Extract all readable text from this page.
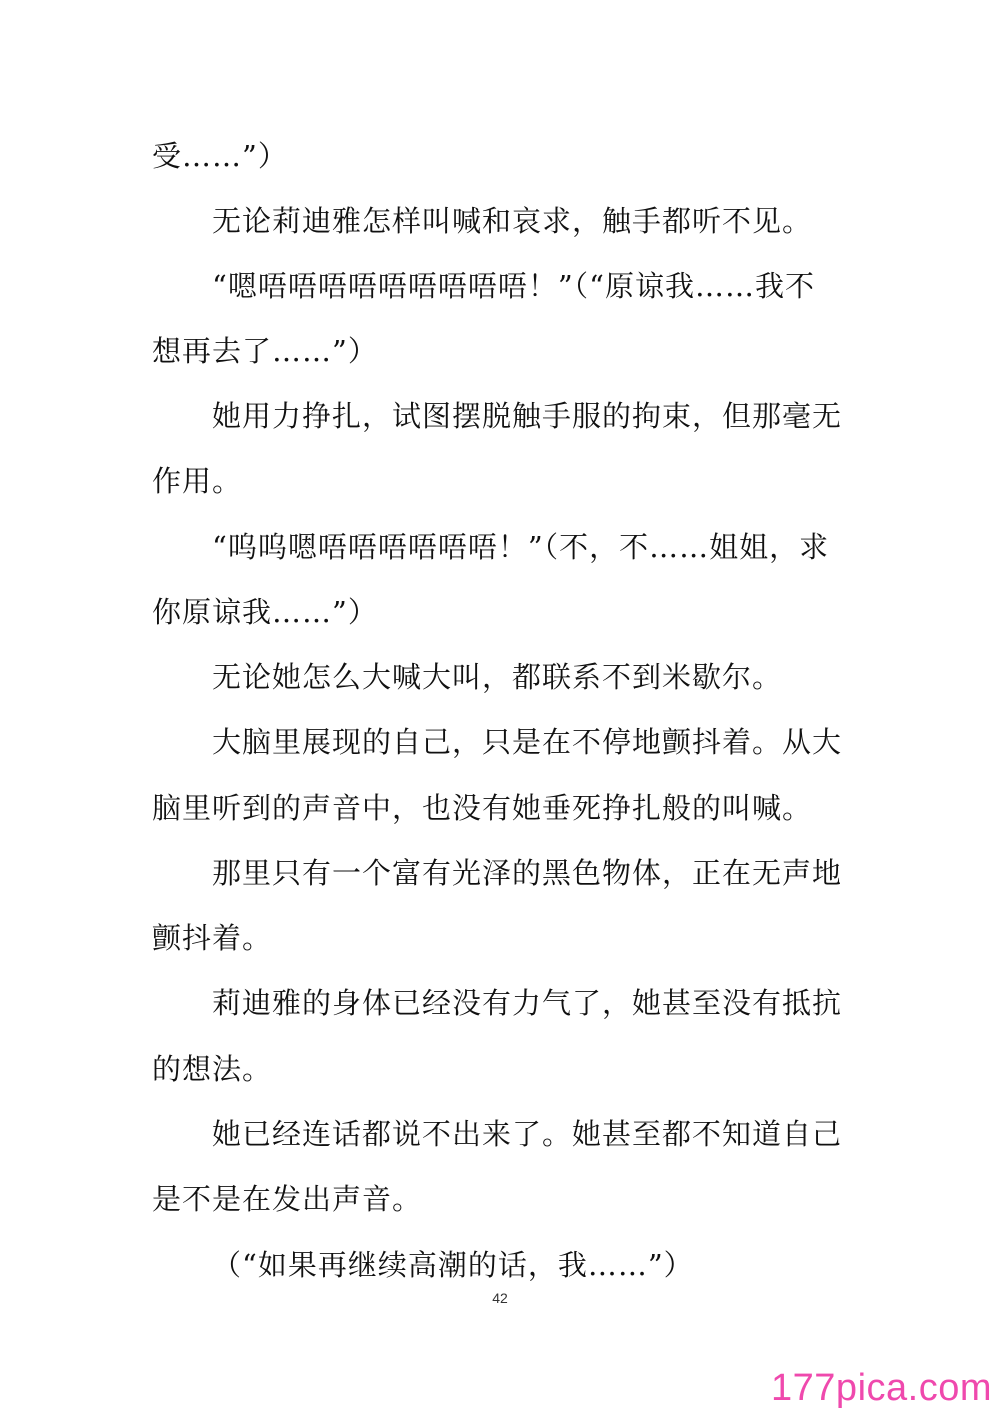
受……”）
无论莉迪雅怎样叫喊和哀求，触手都听不见。
“嗯唔唔唔唔唔唔唔唔唔！”（“原谅我……我不
想再去了……”）
她用力挣扎，试图摆脱触手服的拘束，但那毫无
作用。
“呜呜嗯唔唔唔唔唔唔！”（不，不……姐姐，求
你原谅我……”）
无论她怎么大喊大叫，都联系不到米歇尔。
大脑里展现的自己，只是在不停地颤抖着。从大
脑里听到的声音中，也没有她垂死挣扎般的叫喊。
那里只有一个富有光泽的黑色物体，正在无声地
颤抖着。
莉迪雅的身体已经没有力气了，她甚至没有抵抗
的想法。
她已经连话都说不出来了。她甚至都不知道自己
是不是在发出声音。
（“如果再继续高潮的话，我……”）
42
177pica.com
